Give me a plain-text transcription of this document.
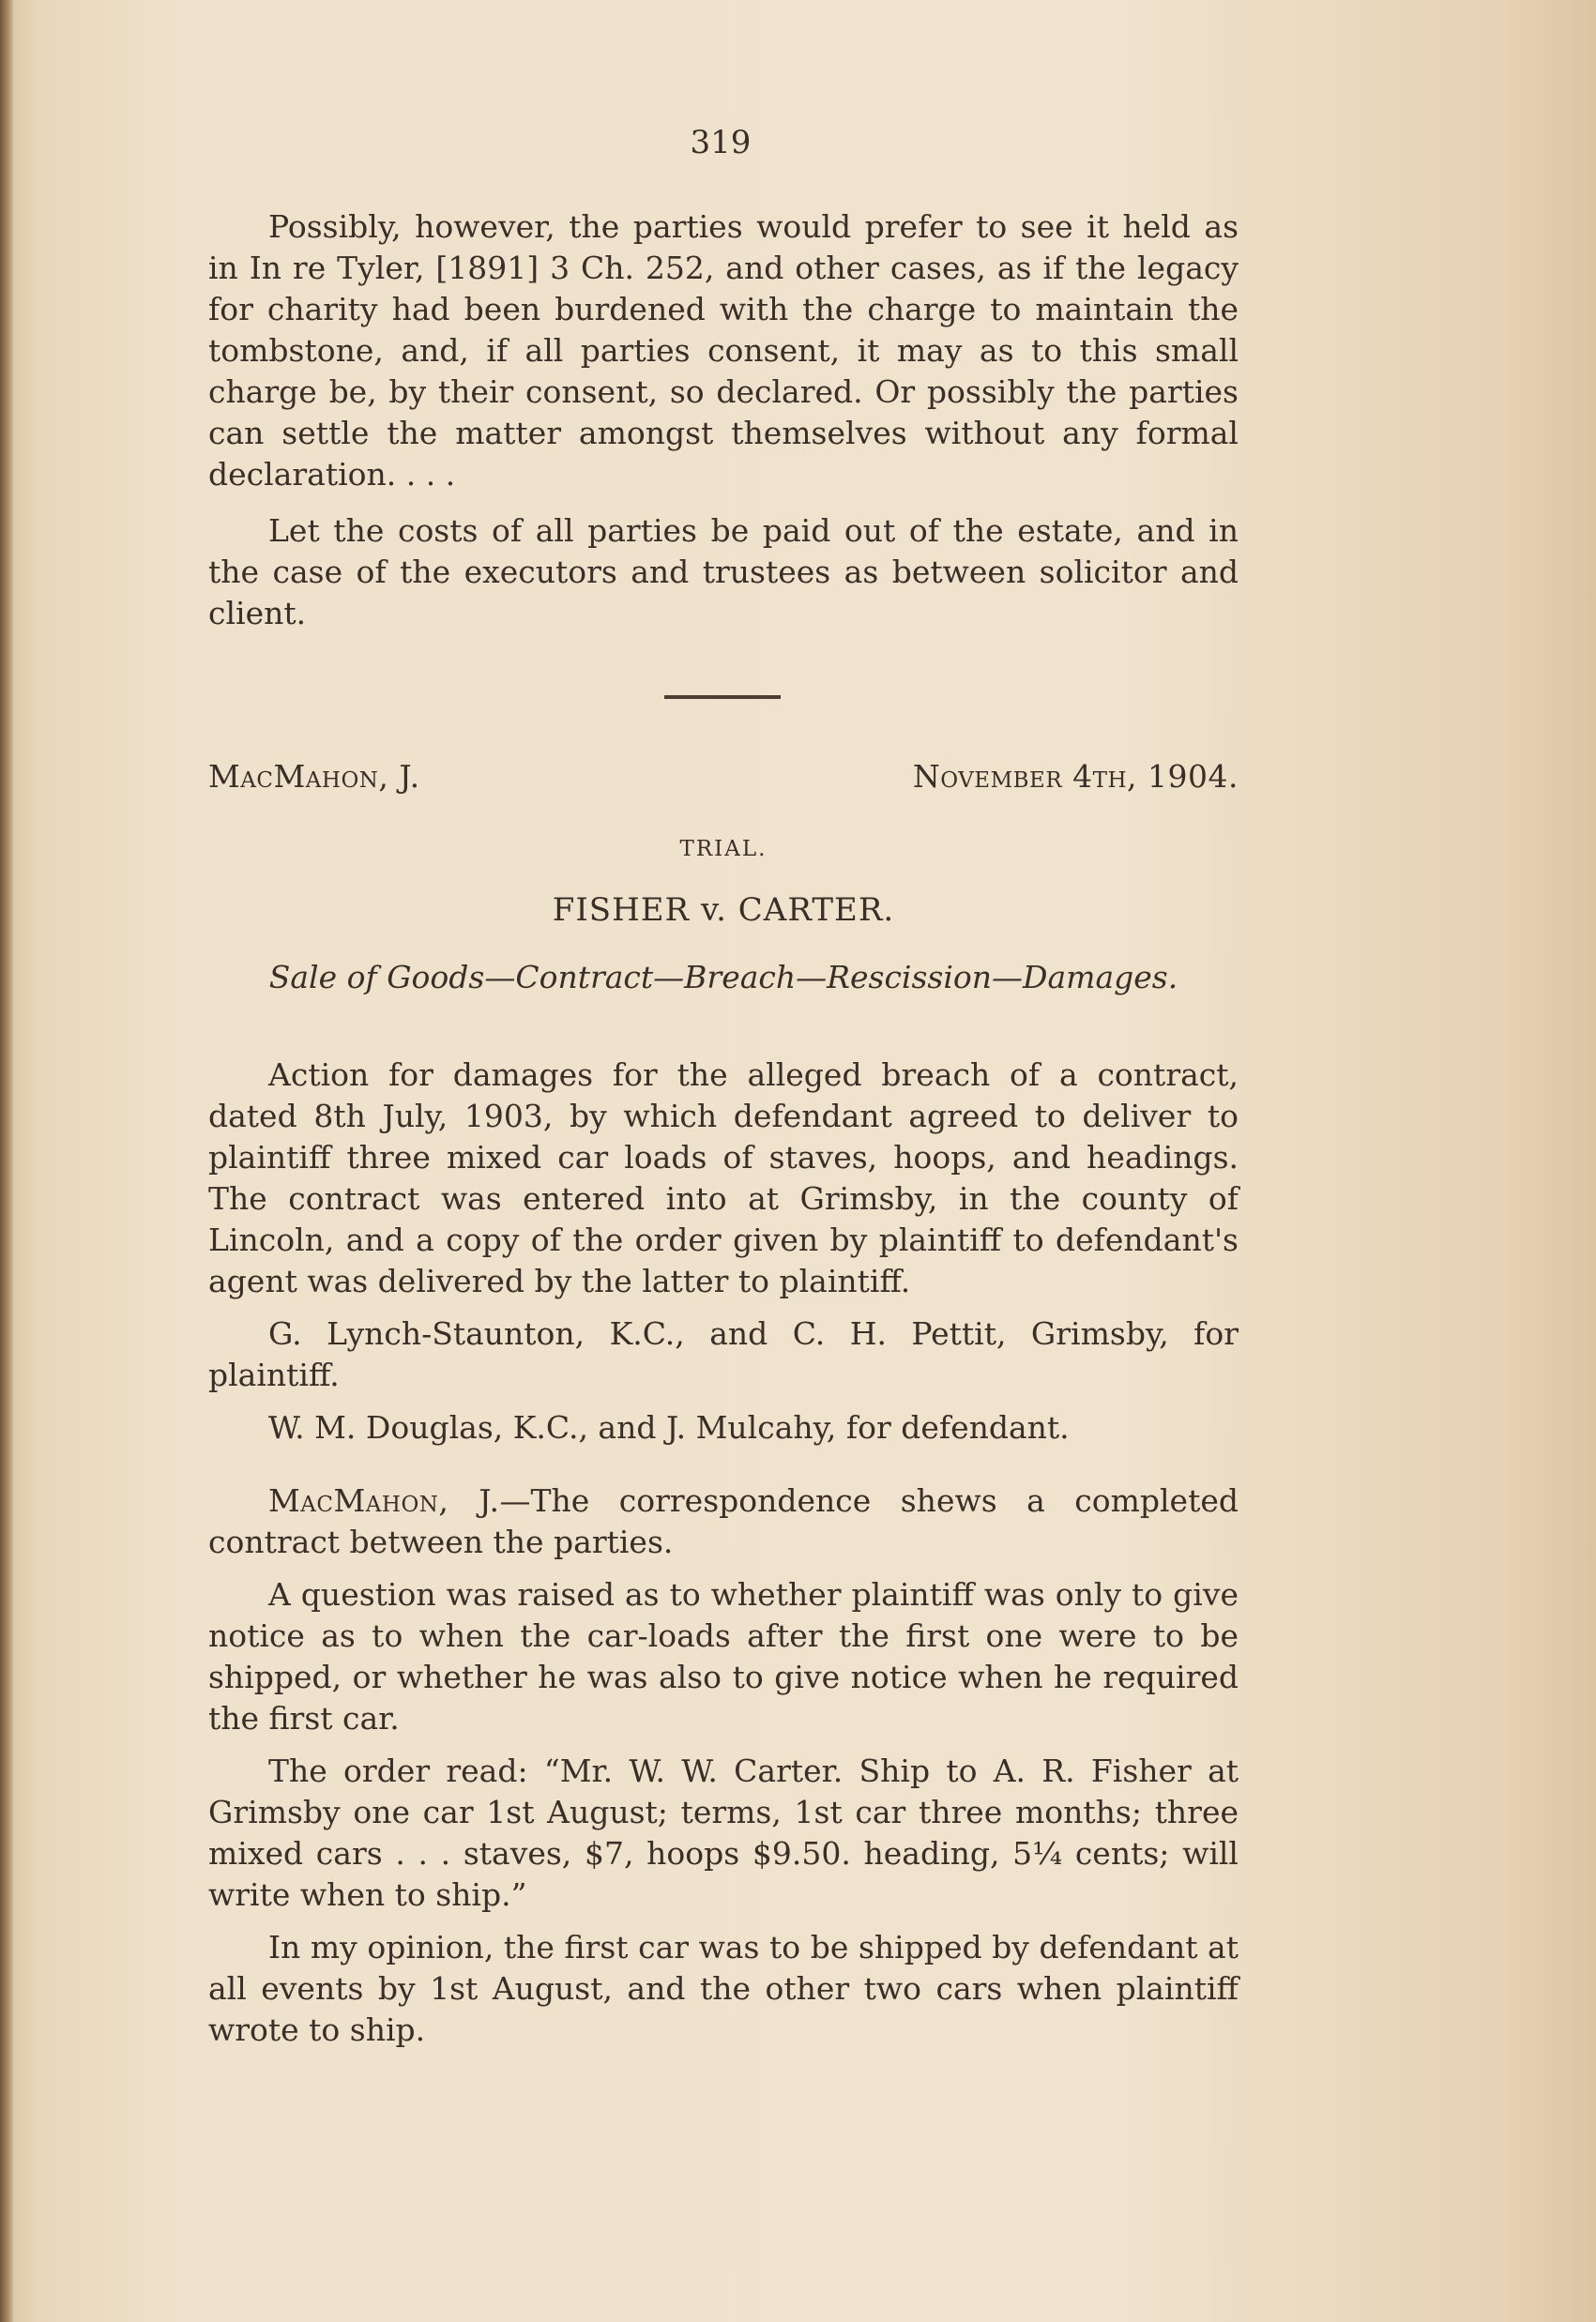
319

Possibly, however, the parties would prefer to see it held as in In re Tyler, [1891] 3 Ch. 252, and other cases, as if the legacy for charity had been burdened with the charge to maintain the tombstone, and, if all parties consent, it may as to this small charge be, by their consent, so declared. Or possibly the parties can settle the matter amongst themselves without any formal declaration. . . .

Let the costs of all parties be paid out of the estate, and in the case of the executors and trustees as between solicitor and client.

MacMahon, J.	November 4th, 1904.
TRIAL.
FISHER v. CARTER.
Sale of Goods—Contract—Breach—Rescission—Damages.

Action for damages for the alleged breach of a contract, dated 8th July, 1903, by which defendant agreed to deliver to plaintiff three mixed car loads of staves, hoops, and headings. The contract was entered into at Grimsby, in the county of Lincoln, and a copy of the order given by plaintiff to defendant's agent was delivered by the latter to plaintiff.

G. Lynch-Staunton, K.C., and C. H. Pettit, Grimsby, for plaintiff.

W. M. Douglas, K.C., and J. Mulcahy, for defendant.

MacMahon, J.—The correspondence shews a completed contract between the parties.

A question was raised as to whether plaintiff was only to give notice as to when the car-loads after the first one were to be shipped, or whether he was also to give notice when he required the first car.

The order read: “Mr. W. W. Carter. Ship to A. R. Fisher at Grimsby one car 1st August; terms, 1st car three months; three mixed cars . . . staves, $7, hoops $9.50. heading, 5¼ cents; will write when to ship.”

In my opinion, the first car was to be shipped by defendant at all events by 1st August, and the other two cars when plaintiff wrote to ship.
